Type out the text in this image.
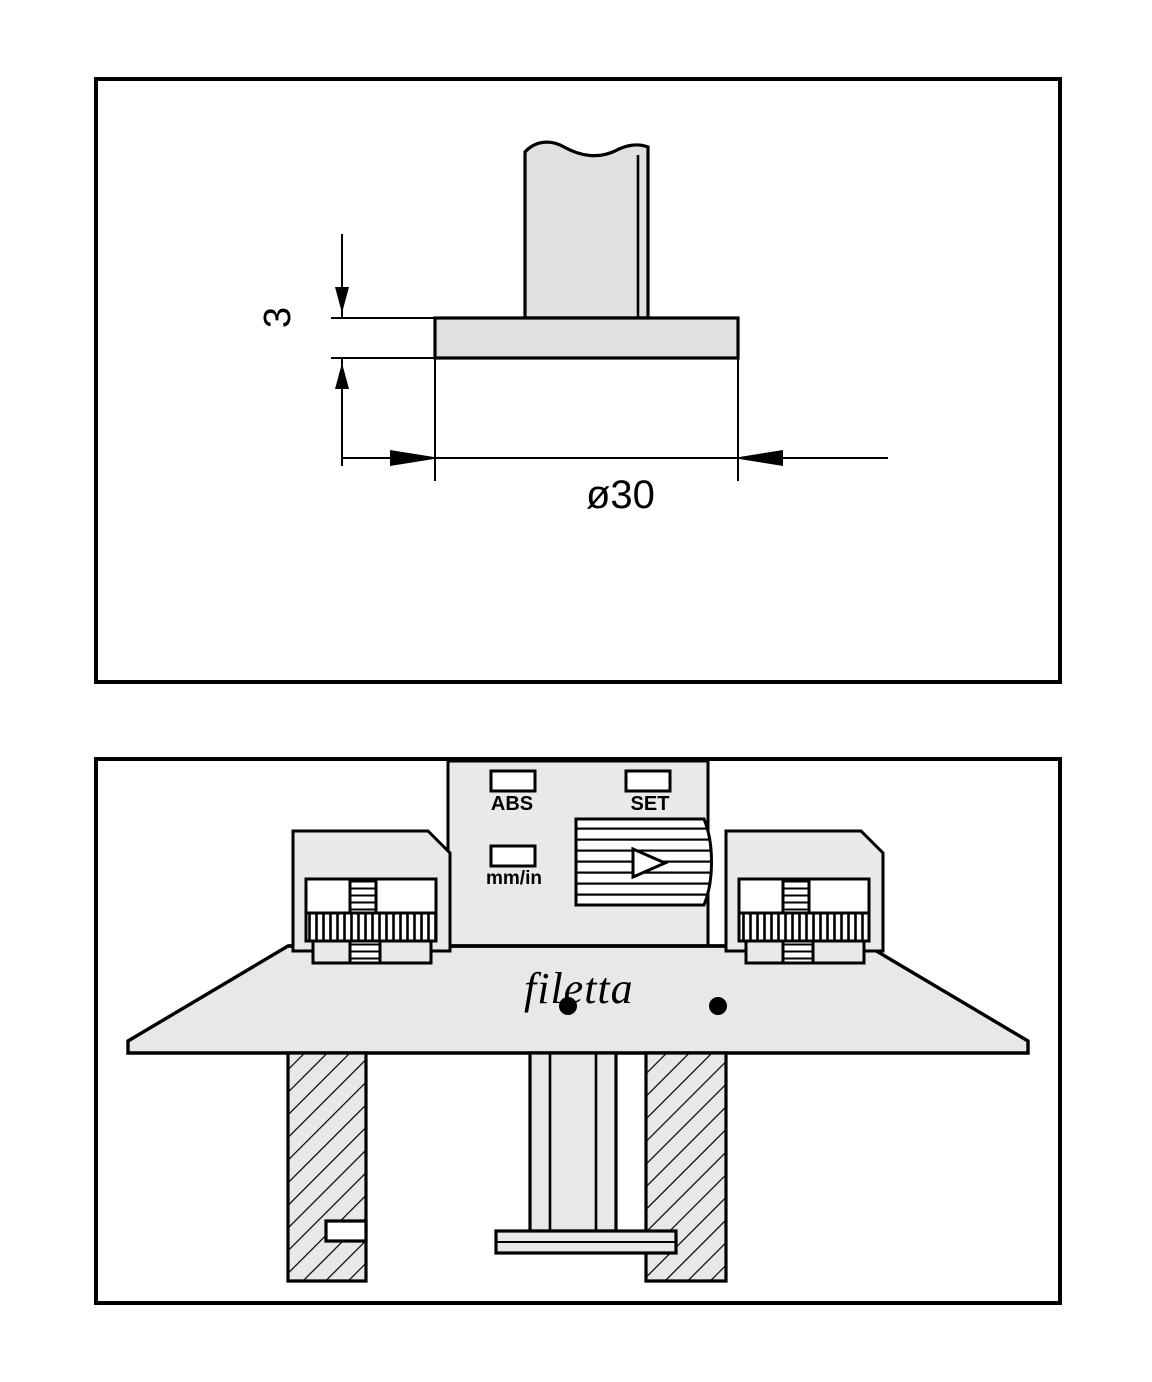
3
ø30
ABS	SET
mm/in
filetta
